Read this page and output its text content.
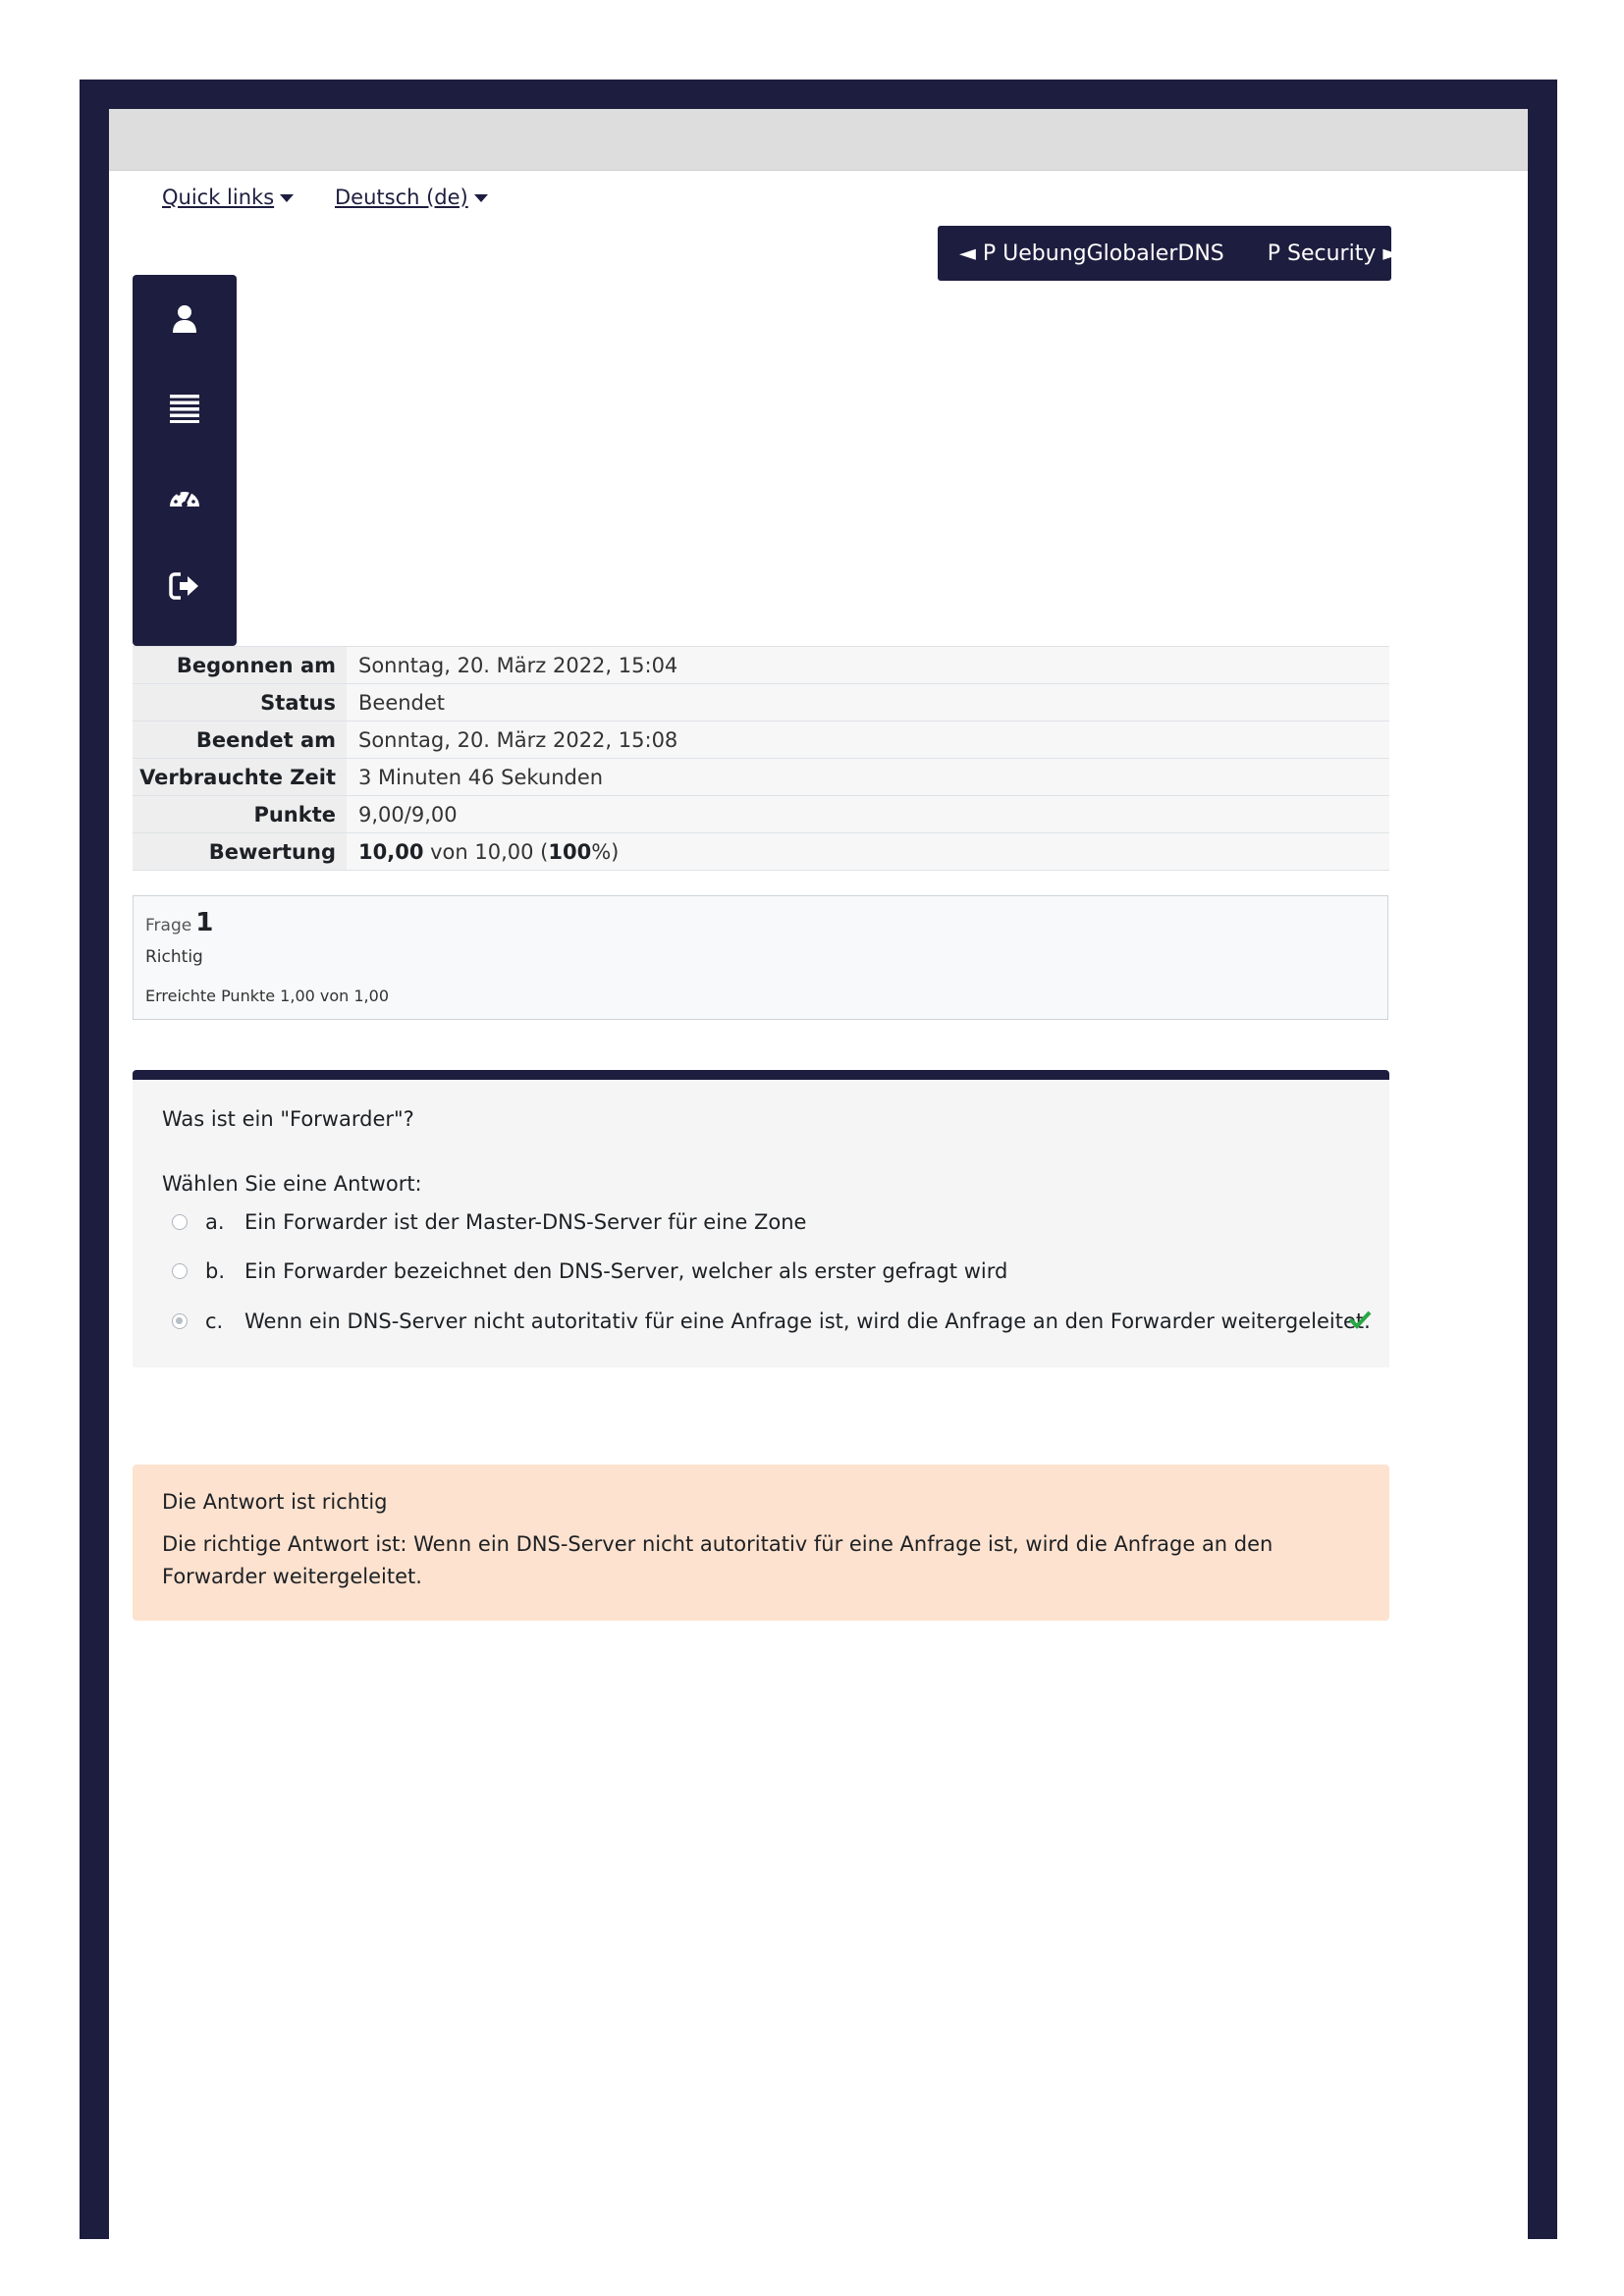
Quick links	Deutsch (de)
◄ P UebungGlobalerDNS P Security ►
Begonnen am	Sonntag, 20. März 2022, 15:04
Status	Beendet
Beendet am	Sonntag, 20. März 2022, 15:08
Verbrauchte Zeit	3 Minuten 46 Sekunden
Punkte	9,00/9,00
Bewertung	10,00 von 10,00 (100%)
Frage 1
Richtig
Erreichte Punkte 1,00 von 1,00
Was ist ein "Forwarder"?
Wählen Sie eine Antwort:
a. Ein Forwarder ist der Master-DNS-Server für eine Zone
b. Ein Forwarder bezeichnet den DNS-Server, welcher als erster gefragt wird
c.	Wenn ein DNS-Server nicht autoritativ für eine Anfrage ist, wird die Anfrage an den Forwarder weitergeleitet.
Die Antwort ist richtig
Die richtige Antwort ist: Wenn ein DNS-Server nicht autoritativ für eine Anfrage ist, wird die Anfrage an den Forwarder weitergeleitet.
